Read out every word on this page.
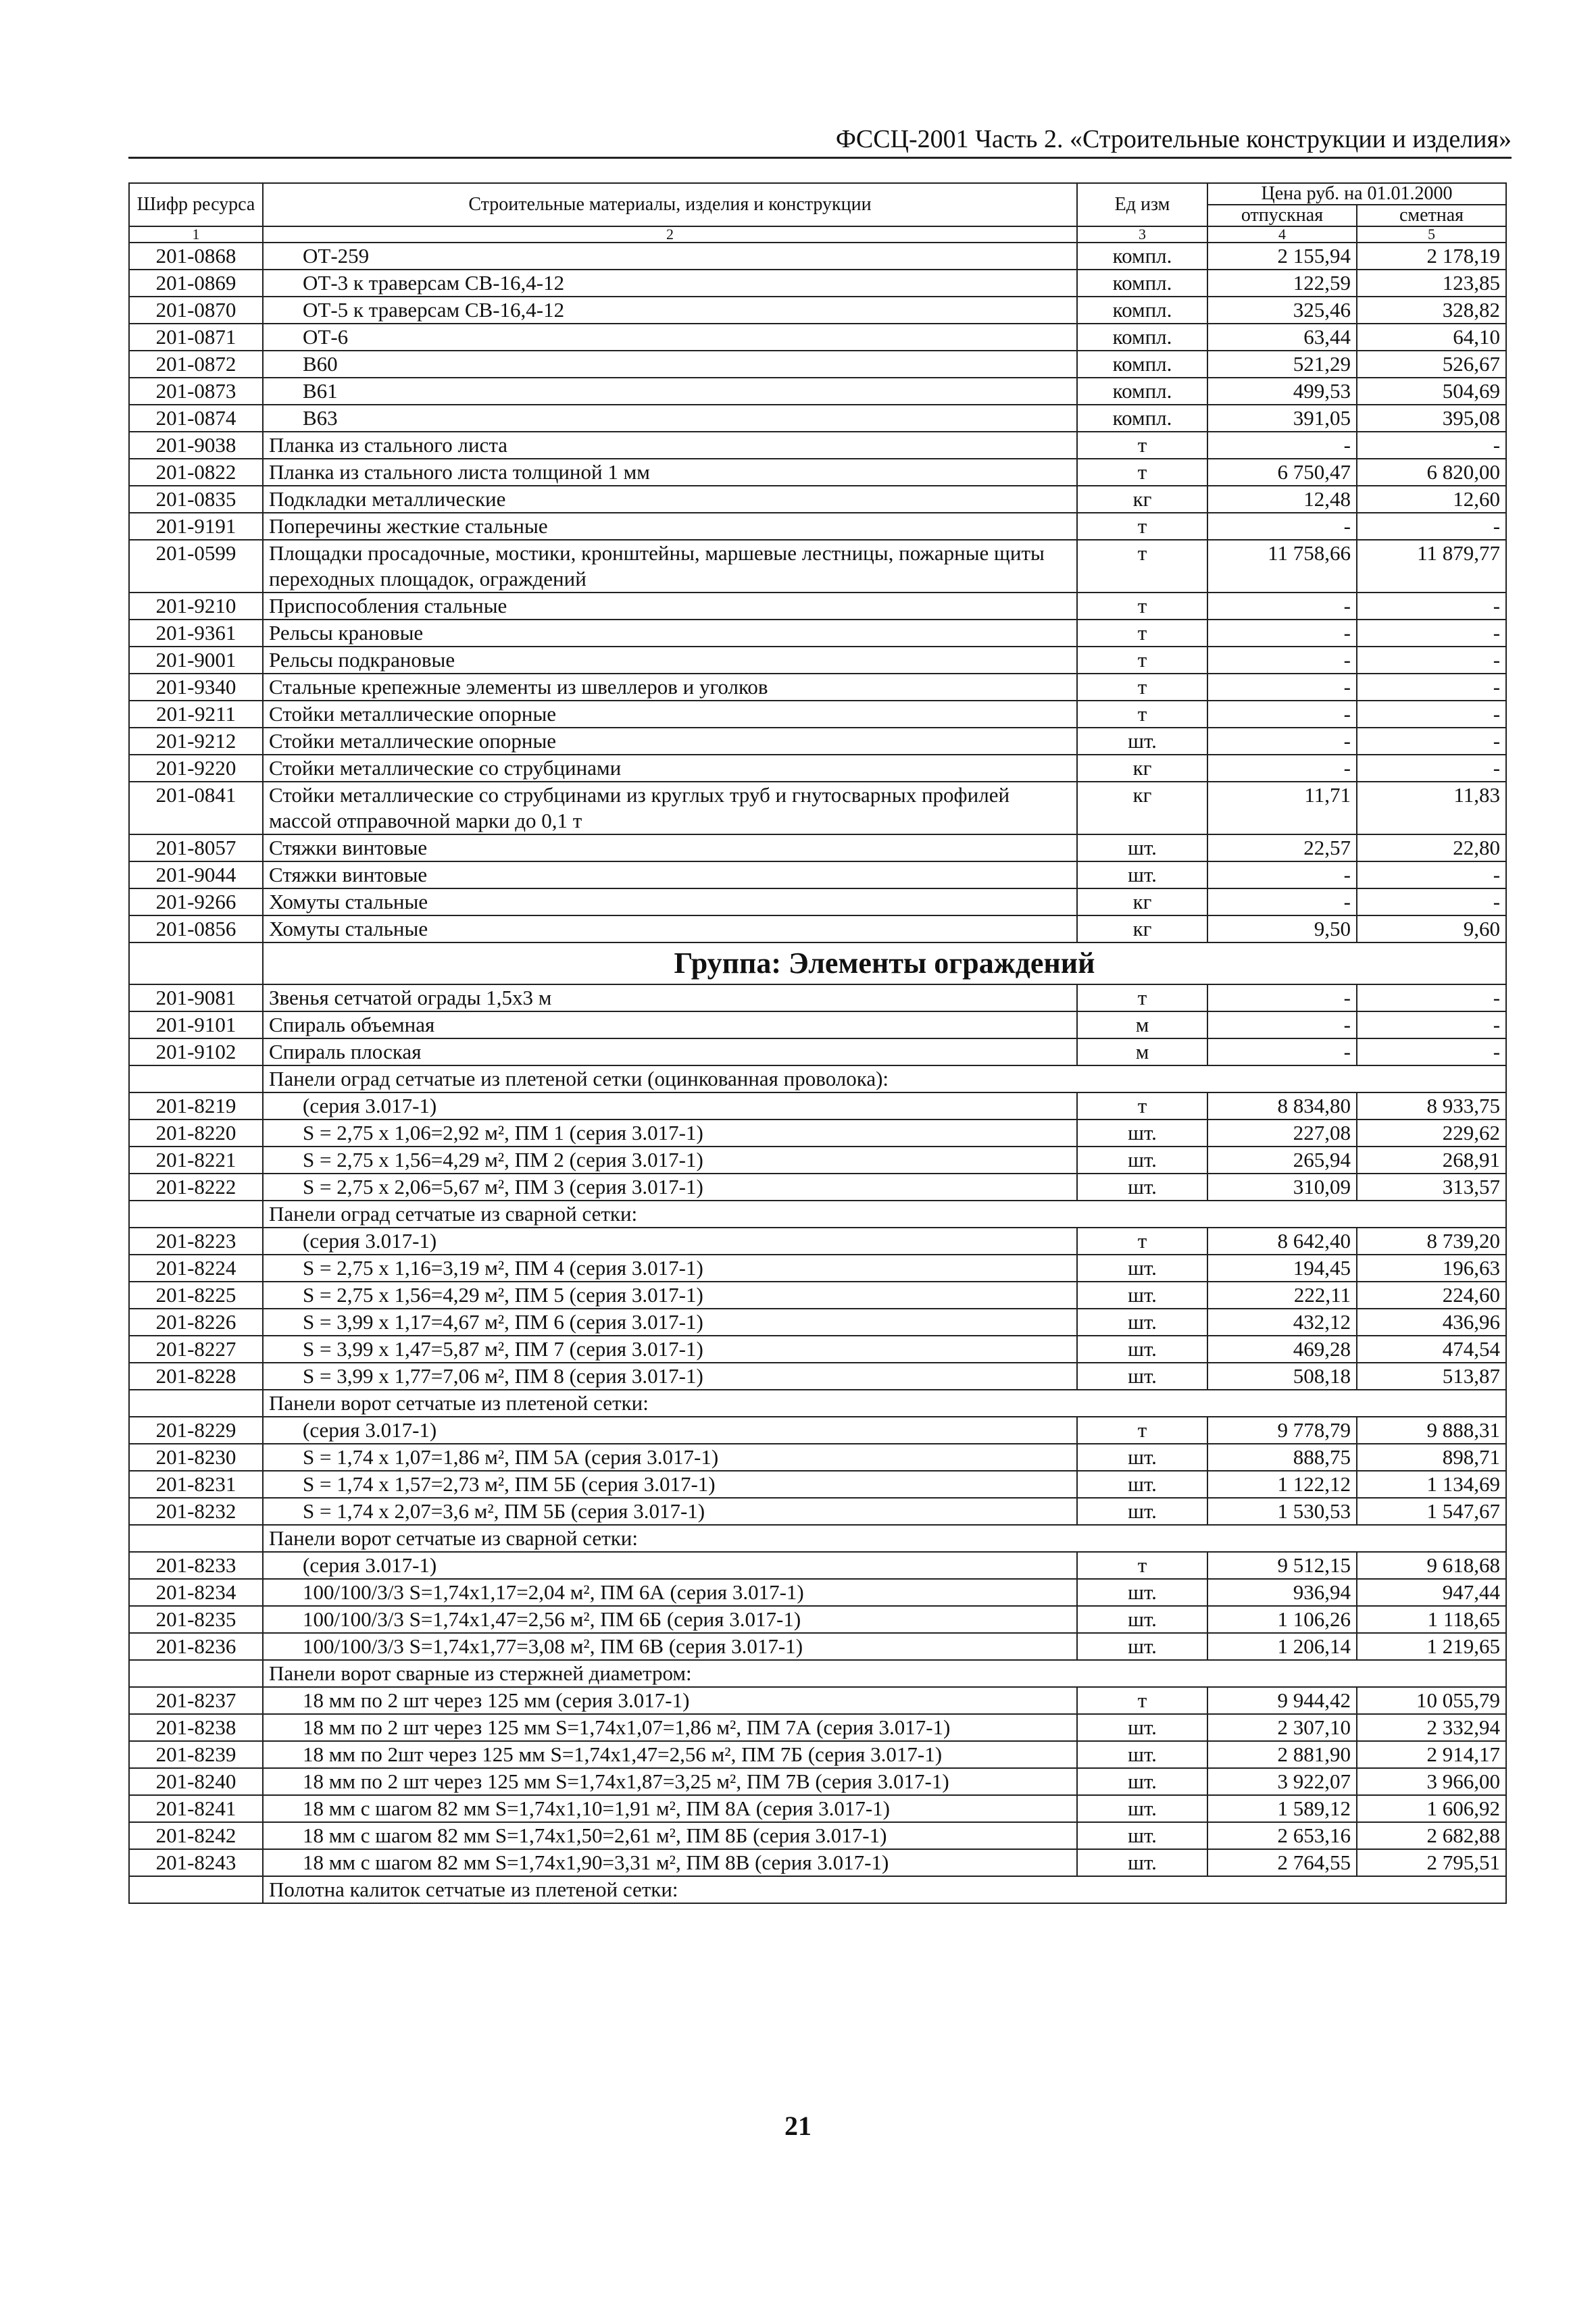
ФССЦ-2001 Часть 2. «Строительные конструкции и изделия»
Шифр ресурса	Строительные материалы, изделия и конструкции	Ед изм	Цена руб. на 01.01.2000	
			отпускная	сметная
1	2	3	4	5
201-0868	ОТ-259	компл.	2 155,94	2 178,19
201-0869	ОТ-3 к траверсам СВ-16,4-12	компл.	122,59	123,85
201-0870	ОТ-5 к траверсам СВ-16,4-12	компл.	325,46	328,82
201-0871	ОТ-6	компл.	63,44	64,10
201-0872	В60	компл.	521,29	526,67
201-0873	В61	компл.	499,53	504,69
201-0874	В63	компл.	391,05	395,08
201-9038	Планка из стального листа	т	-	-
201-0822	Планка из стального листа толщиной 1 мм	т	6 750,47	6 820,00
201-0835	Подкладки металлические	кг	12,48	12,60
201-9191	Поперечины жесткие стальные	т	-	-
201-0599	Площадки просадочные, мостики, кронштейны, маршевые лестницы, пожарные щиты переходных площадок, ограждений	т	11 758,66	11 879,77
201-9210	Приспособления стальные	т	-	-
201-9361	Рельсы крановые	т	-	-
201-9001	Рельсы подкрановые	т	-	-
201-9340	Стальные крепежные элементы из швеллеров и уголков	т	-	-
201-9211	Стойки металлические опорные	т	-	-
201-9212	Стойки металлические опорные	шт.	-	-
201-9220	Стойки металлические со струбцинами	кг	-	-
201-0841	Стойки металлические со струбцинами из круглых труб и гнутосварных профилей массой отправочной марки до 0,1 т	кг	11,71	11,83
201-8057	Стяжки винтовые	шт.	22,57	22,80
201-9044	Стяжки винтовые	шт.	-	-
201-9266	Хомуты стальные	кг	-	-
201-0856	Хомуты стальные	кг	9,50	9,60
	Группа: Элементы ограждений			
201-9081	Звенья сетчатой ограды 1,5х3 м	т	-	-
201-9101	Спираль объемная	м	-	-
201-9102	Спираль плоская	м	-	-
	Панели оград сетчатые из плетеной сетки (оцинкованная проволока):			
201-8219	(серия 3.017-1)	т	8 834,80	8 933,75
201-8220	S = 2,75 х 1,06=2,92 м², ПМ 1 (серия 3.017-1)	шт.	227,08	229,62
201-8221	S = 2,75 х 1,56=4,29 м², ПМ 2 (серия 3.017-1)	шт.	265,94	268,91
201-8222	S = 2,75 х 2,06=5,67 м², ПМ 3 (серия 3.017-1)	шт.	310,09	313,57
	Панели оград сетчатые из сварной сетки:			
201-8223	(серия 3.017-1)	т	8 642,40	8 739,20
201-8224	S = 2,75 х 1,16=3,19 м², ПМ 4 (серия 3.017-1)	шт.	194,45	196,63
201-8225	S = 2,75 х 1,56=4,29 м², ПМ 5 (серия 3.017-1)	шт.	222,11	224,60
201-8226	S = 3,99 х 1,17=4,67 м², ПМ 6 (серия 3.017-1)	шт.	432,12	436,96
201-8227	S = 3,99 х 1,47=5,87 м², ПМ 7 (серия 3.017-1)	шт.	469,28	474,54
201-8228	S = 3,99 х 1,77=7,06 м², ПМ 8 (серия 3.017-1)	шт.	508,18	513,87
	Панели ворот сетчатые из плетеной сетки:			
201-8229	(серия 3.017-1)	т	9 778,79	9 888,31
201-8230	S = 1,74 х 1,07=1,86 м², ПМ 5А (серия 3.017-1)	шт.	888,75	898,71
201-8231	S = 1,74 х 1,57=2,73 м², ПМ 5Б (серия 3.017-1)	шт.	1 122,12	1 134,69
201-8232	S = 1,74 х 2,07=3,6 м², ПМ 5Б (серия 3.017-1)	шт.	1 530,53	1 547,67
	Панели ворот сетчатые из сварной сетки:			
201-8233	(серия 3.017-1)	т	9 512,15	9 618,68
201-8234	100/100/3/3 S=1,74х1,17=2,04 м², ПМ 6А (серия 3.017-1)	шт.	936,94	947,44
201-8235	100/100/3/3 S=1,74х1,47=2,56 м², ПМ 6Б (серия 3.017-1)	шт.	1 106,26	1 118,65
201-8236	100/100/3/3 S=1,74х1,77=3,08 м², ПМ 6В (серия 3.017-1)	шт.	1 206,14	1 219,65
	Панели ворот сварные из стержней диаметром:			
201-8237	18 мм по 2 шт через 125 мм (серия 3.017-1)	т	9 944,42	10 055,79
201-8238	18 мм по 2 шт через 125 мм S=1,74х1,07=1,86 м², ПМ 7А (серия 3.017-1)	шт.	2 307,10	2 332,94
201-8239	18 мм по 2шт через 125 мм S=1,74х1,47=2,56 м², ПМ 7Б (серия 3.017-1)	шт.	2 881,90	2 914,17
201-8240	18 мм по 2 шт через 125 мм S=1,74х1,87=3,25 м², ПМ 7В (серия 3.017-1)	шт.	3 922,07	3 966,00
201-8241	18 мм с шагом 82 мм S=1,74х1,10=1,91 м², ПМ 8А (серия 3.017-1)	шт.	1 589,12	1 606,92
201-8242	18 мм с шагом 82 мм S=1,74х1,50=2,61 м², ПМ 8Б (серия 3.017-1)	шт.	2 653,16	2 682,88
201-8243	18 мм с шагом 82 мм S=1,74х1,90=3,31 м², ПМ 8В (серия 3.017-1)	шт.	2 764,55	2 795,51
	Полотна калиток сетчатые из плетеной сетки:			
21
